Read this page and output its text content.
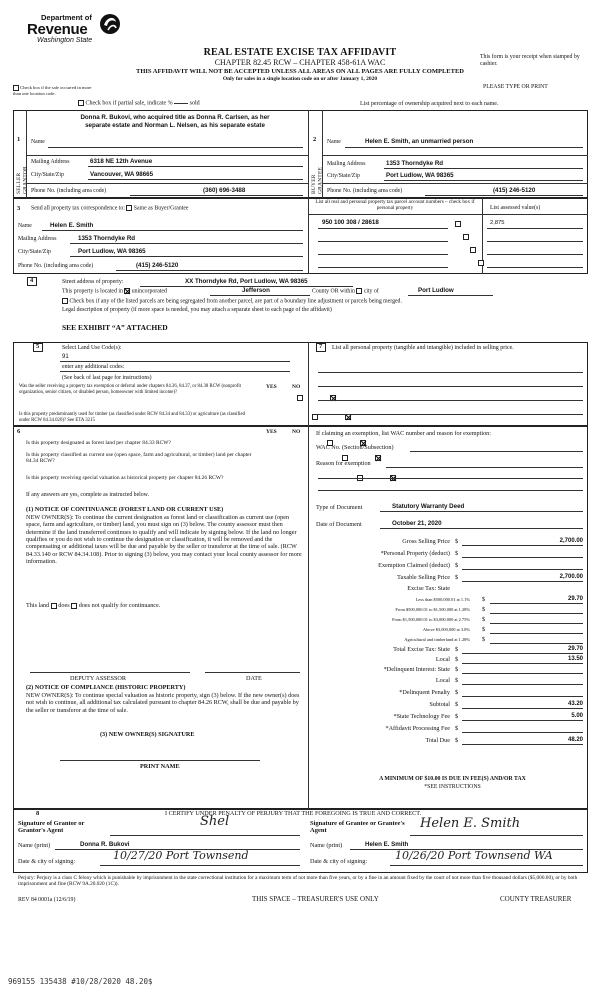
Department of
Revenue
Washington State
REAL ESTATE EXCISE TAX AFFIDAVIT
CHAPTER 82.45 RCW – CHAPTER 458-61A WAC
THIS AFFIDAVIT WILL NOT BE ACCEPTED UNLESS ALL AREAS ON ALL PAGES ARE FULLY COMPLETED
Only for sales in a single location code on or after January 1, 2020
This form is your receipt when stamped by cashier.
PLEASE TYPE OR PRINT
Check box if the sale occurred in more than one location code.
Check box if partial sale, indicate %	sold	List percentage of ownership acquired next to each name.
1
SELLER GRANTOR
Name
Donna R. Bukovi, who acquired title as Donna R. Carlsen, as her separate estate and Norman L. Nelsen, as his separate estate
Mailing Address	6318 NE 12th Avenue
City/State/Zip	Vancouver, WA 98665
Phone No. (including area code)	(360) 696-3488
2
BUYER GRANTEE
Name	Helen E. Smith, an unmarried person
Mailing Address	1353 Thorndyke Rd
City/State/Zip	Port Ludlow, WA 98365
Phone No. (including area code)	(415) 246-5120
3 Send all property tax correspondence to: Same as Buyer/Grantee
Name	Helen E. Smith
Mailing Address	1353 Thorndyke Rd
City/State/Zip	Port Ludlow, WA 98365
Phone No. (including area code)	(415) 246-5120
List all real and personal property tax parcel account numbers – check box if personal property	List assessed value(s)
950 100 308 / 28618	2,875

4	Street address of property:	XX Thorndyke Rd, Port Ludlow, WA 98365
This property is located in unincorporated	Jefferson	County OR within city of	Port Ludlow
Check box if any of the listed parcels are being segregated from another parcel, are part of a boundary line adjustment or parcels being merged.
Legal description of property (if more space is needed, you may attach a separate sheet to each page of the affidavit)
SEE EXHIBIT “A” ATTACHED
5	Select Land Use Code(s):
91
enter any additional codes:
(See back of last page for instructions)
YES	NO
Was the seller receiving a property tax exemption or deferral under chapters 84.36, 84.37, or 84.38 RCW (nonprofit organization, senior citizen, or disabled person, homeowner with limited income)?

Is this property predominantly used for timber (as classified under RCW 84.34 and 84.33) or agriculture (as classified under RCW 84.34.020)? See ETA 3215

7 List all personal property (tangible and intangible) included in selling price.
6	YES	NO
Is this property designated as forest land per chapter 84.33 RCW?

Is this property classified as current use (open space, farm and agricultural, or timber) land per chapter 84.34 RCW?

Is this property receiving special valuation as historical property per chapter 84.26 RCW?

If any answers are yes, complete as instructed below.
(1) NOTICE OF CONTINUANCE (FOREST LAND OR CURRENT USE)
NEW OWNER(S): To continue the current designation as forest land or classification as current use (open space, farm and agriculture, or timber) land, you must sign on (3) below. The county assessor must then determine if the land transferred continues to qualify and will indicate by signing below. If the land no longer qualifies or you do not wish to continue the designation or classification, it will be removed and the compensating or additional taxes will be due and payable by the seller or transferor at the time of sale. (RCW 84.33.140 or RCW 84.34.108). Prior to signing (3) below, you may contact your local county assessor for more information.
This land does does not qualify for continuance.
DEPUTY ASSESSOR	DATE
(2) NOTICE OF COMPLIANCE (HISTORIC PROPERTY)
NEW OWNER(S): To continue special valuation as historic property, sign (3) below. If the new owner(s) does not wish to continue, all additional tax calculated pursuant to chapter 84.26 RCW, shall be due and payable by the seller or transferor at the time of sale.
(3) NEW OWNER(S) SIGNATURE
PRINT NAME
If claiming an exemption, list WAC number and reason for exemption:
WAC No. (Section/Subsection)
Reason for exemption
Type of Document	Statutory Warranty Deed
Date of Document	October 21, 2020
Gross Selling Price $	2,700.00
*Personal Property (deduct) $
Exemption Claimed (deduct) $
Taxable Selling Price $	2,700.00
Excise Tax: State
Less than $500,000.01 at 1.1% $	29.70
From $500,000.01 to $1,500,000 at 1.28% $
From $1,500,000.01 to $3,000,000 at 2.75% $
Above $3,000,000 at 3.0% $
Agricultural and timberland at 1.28% $
Total Excise Tax: State $	29.70
Local $	13.50
*Delinquent Interest: State $
Local $
*Delinquent Penalty $
Subtotal $	43.20
*State Technology Fee $	5.00
*Affidavit Processing Fee $
Total Due $	48.20
A MINIMUM OF $10.00 IS DUE IN FEE(S) AND/OR TAX
*SEE INSTRUCTIONS
8	I CERTIFY UNDER PENALTY OF PERJURY THAT THE FOREGOING IS TRUE AND CORRECT.
Signature of Grantor or Grantor's Agent
Shel	Signature of Grantee or Grantee's Agent	Helen E. Smith
Name (print)	Donna R. Bukovi	Name (print)	Helen E. Smith
Date & city of signing:	10/27/20 Port Townsend	Date & city of signing:	10/26/20 Port Townsend WA
Perjury: Perjury is a class C felony which is punishable by imprisonment in the state correctional institution for a maximum term of not more than five years, or by a fine in an amount fixed by the court of not more than five thousand dollars ($5,000.00), or by both imprisonment and fine (RCW 9A.20.020 (1C)).
REV 84 0001a (12/6/19)	THIS SPACE – TREASURER'S USE ONLY	COUNTY TREASURER
969155 135438 #10/28/2020 48.20$
